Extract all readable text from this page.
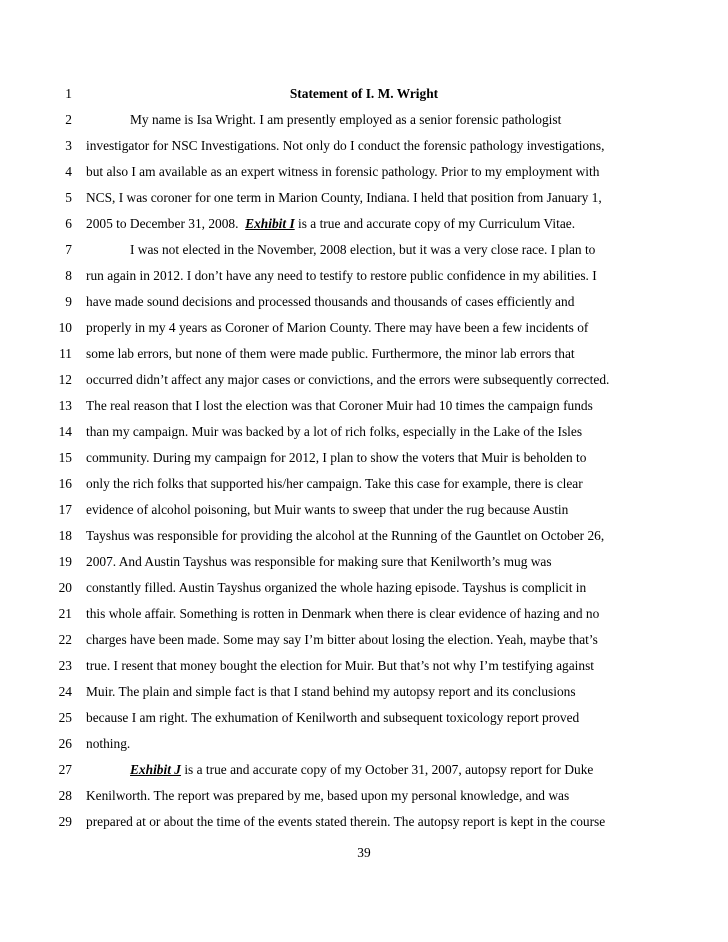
1	Statement of I. M. Wright
2	My name is Isa Wright. I am presently employed as a senior forensic pathologist
3 investigator for NSC Investigations. Not only do I conduct the forensic pathology investigations,
4 but also I am available as an expert witness in forensic pathology. Prior to my employment with
5 NCS, I was coroner for one term in Marion County, Indiana. I held that position from January 1,
6 2005 to December 31, 2008.  Exhibit I is a true and accurate copy of my Curriculum Vitae.
7	I was not elected in the November, 2008 election, but it was a very close race. I plan to
8 run again in 2012. I don’t have any need to testify to restore public confidence in my abilities. I
9 have made sound decisions and processed thousands and thousands of cases efficiently and
10 properly in my 4 years as Coroner of Marion County. There may have been a few incidents of
11 some lab errors, but none of them were made public. Furthermore, the minor lab errors that
12 occurred didn’t affect any major cases or convictions, and the errors were subsequently corrected.
13 The real reason that I lost the election was that Coroner Muir had 10 times the campaign funds
14 than my campaign. Muir was backed by a lot of rich folks, especially in the Lake of the Isles
15 community. During my campaign for 2012, I plan to show the voters that Muir is beholden to
16 only the rich folks that supported his/her campaign. Take this case for example, there is clear
17 evidence of alcohol poisoning, but Muir wants to sweep that under the rug because Austin
18 Tayshus was responsible for providing the alcohol at the Running of the Gauntlet on October 26,
19 2007. And Austin Tayshus was responsible for making sure that Kenilworth’s mug was
20 constantly filled. Austin Tayshus organized the whole hazing episode. Tayshus is complicit in
21 this whole affair. Something is rotten in Denmark when there is clear evidence of hazing and no
22 charges have been made. Some may say I’m bitter about losing the election. Yeah, maybe that’s
23 true. I resent that money bought the election for Muir. But that’s not why I’m testifying against
24 Muir. The plain and simple fact is that I stand behind my autopsy report and its conclusions
25 because I am right. The exhumation of Kenilworth and subsequent toxicology report proved
26 nothing.
27	Exhibit J is a true and accurate copy of my October 31, 2007, autopsy report for Duke
28 Kenilworth. The report was prepared by me, based upon my personal knowledge, and was
29 prepared at or about the time of the events stated therein. The autopsy report is kept in the course
39
